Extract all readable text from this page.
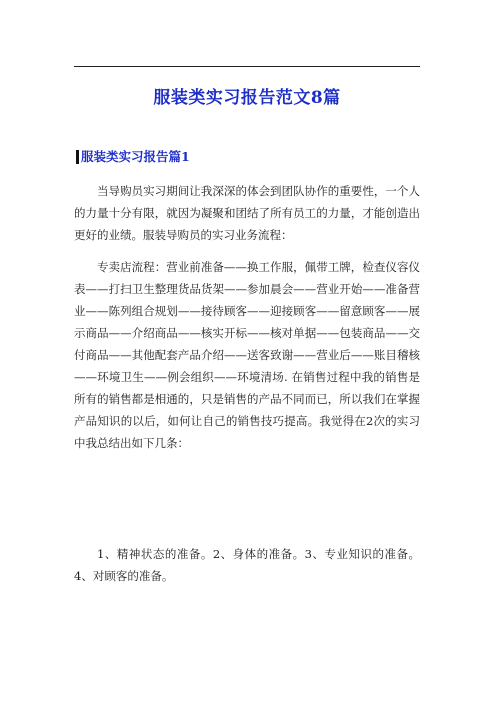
服装类实习报告范文8篇
服装类实习报告篇1

当导购员实习期间让我深深的体会到团队协作的重要性，一个人的力量十分有限，就因为凝聚和团结了所有员工的力量，才能创造出更好的业绩。服装导购员的实习业务流程：

专卖店流程：营业前准备——换工作服，佩带工牌，检查仪容仪表——打扫卫生整理货品货架——参加晨会——营业开始——准备营业——陈列组合规划——接待顾客——迎接顾客——留意顾客——展示商品——介绍商品——核实开标——核对单据——包装商品——交付商品——其他配套产品介绍——送客致谢——营业后——账目稽核——环境卫生——例会组织——环境清场. 在销售过程中我的销售是所有的销售都是相通的，只是销售的产品不同而已，所以我们在掌握产品知识的以后，如何让自己的销售技巧提高。我觉得在2次的实习中我总结出如下几条：

1、精神状态的准备。2、身体的准备。3、专业知识的准备。4、对顾客的准备。
